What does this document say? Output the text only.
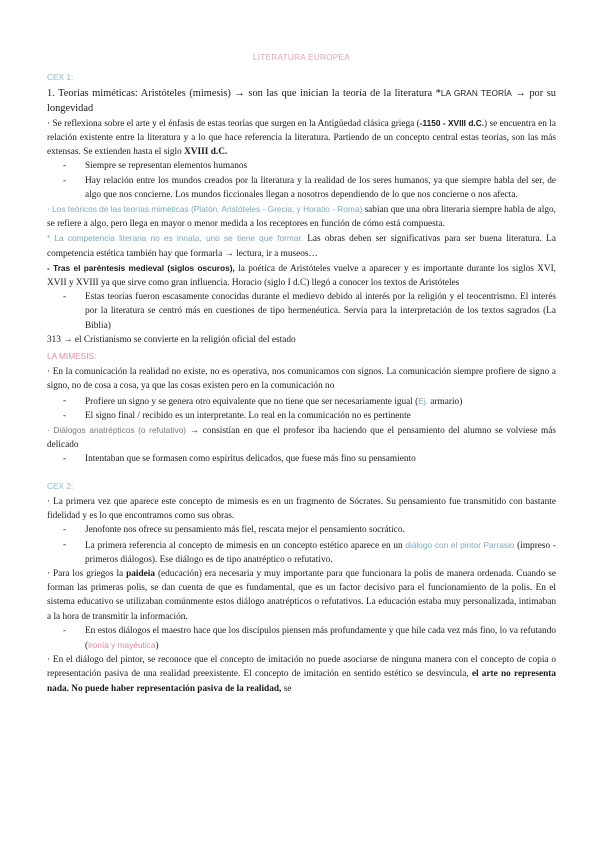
LITERATURA EUROPEA
CEX 1:

1. Teorías miméticas: Aristóteles (mimesis) → son las que inician la teoría de la literatura *LA GRAN TEORÍA → por su longevidad

· Se reflexiona sobre el arte y el énfasis de estas teorías que surgen en la Antigüedad clásica griega (-1150 - XVIII d.C.) se encuentra en la relación existente entre la literatura y a lo que hace referencia la literatura. Partiendo de un concepto central estas teorías, son las más extensas. Se extienden hasta el siglo XVIII d.C.

- Siempre se representan elementos humanos
- Hay relación entre los mundos creados por la literatura y la realidad de los seres humanos, ya que siempre habla del ser, de algo que nos concierne. Los mundos ficcionales llegan a nosotros dependiendo de lo que nos concierne o nos afecta.

· Los teóricos de las teorías miméticas (Platón. Aristóteles - Grecia; y Horatio - Roma) sabían que una obra literaria siempre habla de algo, se refiere a algo, pero llega en mayor o menor medida a los receptores en función de cómo está compuesta.

* La competencia literaria no es innata, uno se tiene que formar. Las obras deben ser significativas para ser buena literatura. La competencia estética también hay que formarla → lectura, ir a museos…

- Tras el paréntesis medieval (siglos oscuros), la poética de Aristóteles vuelve a aparecer y es importante durante los siglos XVI, XVII y XVIII ya que sirve como gran influencia. Horacio (siglo I d.C) llegó a conocer los textos de Aristóteles

- Estas teorías fueron escasamente conocidas durante el medievo debido al interés por la religión y el teocentrismo. El interés por la literatura se centró más en cuestiones de tipo hermenéutica. Servía para la interpretación de los textos sagrados (La Biblia)

313 → el Cristianismo se convierte en la religión oficial del estado

LA MIMESIS:

· En la comunicación la realidad no existe, no es operativa, nos comunicamos con signos. La comunicación siempre profiere de signo a signo, no de cosa a cosa, ya que las cosas existen pero en la comunicación no

- Profiere un signo y se genera otro equivalente que no tiene que ser necesariamente igual (Ej. armario)
- El signo final / recibido es un interpretante. Lo real en la comunicación no es pertinente

· Diálogos anatrépticos (o refutativo) → consistían en que el profesor iba haciendo que el pensamiento del alumno se volviese más delicado

- Intentaban que se formasen como espíritus delicados, que fuese más fino su pensamiento
CEX 2:

· La primera vez que aparece este concepto de mimesis es en un fragmento de Sócrates. Su pensamiento fue transmitido con bastante fidelidad y es lo que encontramos como sus obras.

- Jenofonte nos ofrece su pensamiento más fiel, rescata mejor el pensamiento socrático.
- La primera referencia al concepto de mimesis en un concepto estético aparece en un diálogo con el pintor Parrasio (impreso - primeros diálogos). Ese diálogo es de tipo anatréptico o refutativo.

· Para los griegos la paideia (educación) era necesaria y muy importante para que funcionara la polis de manera ordenada. Cuando se forman las primeras polis, se dan cuenta de que es fundamental, que es un factor decisivo para el funcionamiento de la polis. En el sistema educativo se utilizaban comúnmente estos diálogo anatrépticos o refutativos. La educación estaba muy personalizada, intimaban a la hora de transmitir la información.

- En estos diálogos el maestro hace que los discípulos piensen más profundamente y que hile cada vez más fino, lo va refutando (ironía y mayéutica)

· En el diálogo del pintor, se reconoce que el concepto de imitación no puede asociarse de ninguna manera con el concepto de copia o representación pasiva de una realidad preexistente. El concepto de imitación en sentido estético se desvincula, el arte no representa nada. No puede haber representación pasiva de la realidad, se
